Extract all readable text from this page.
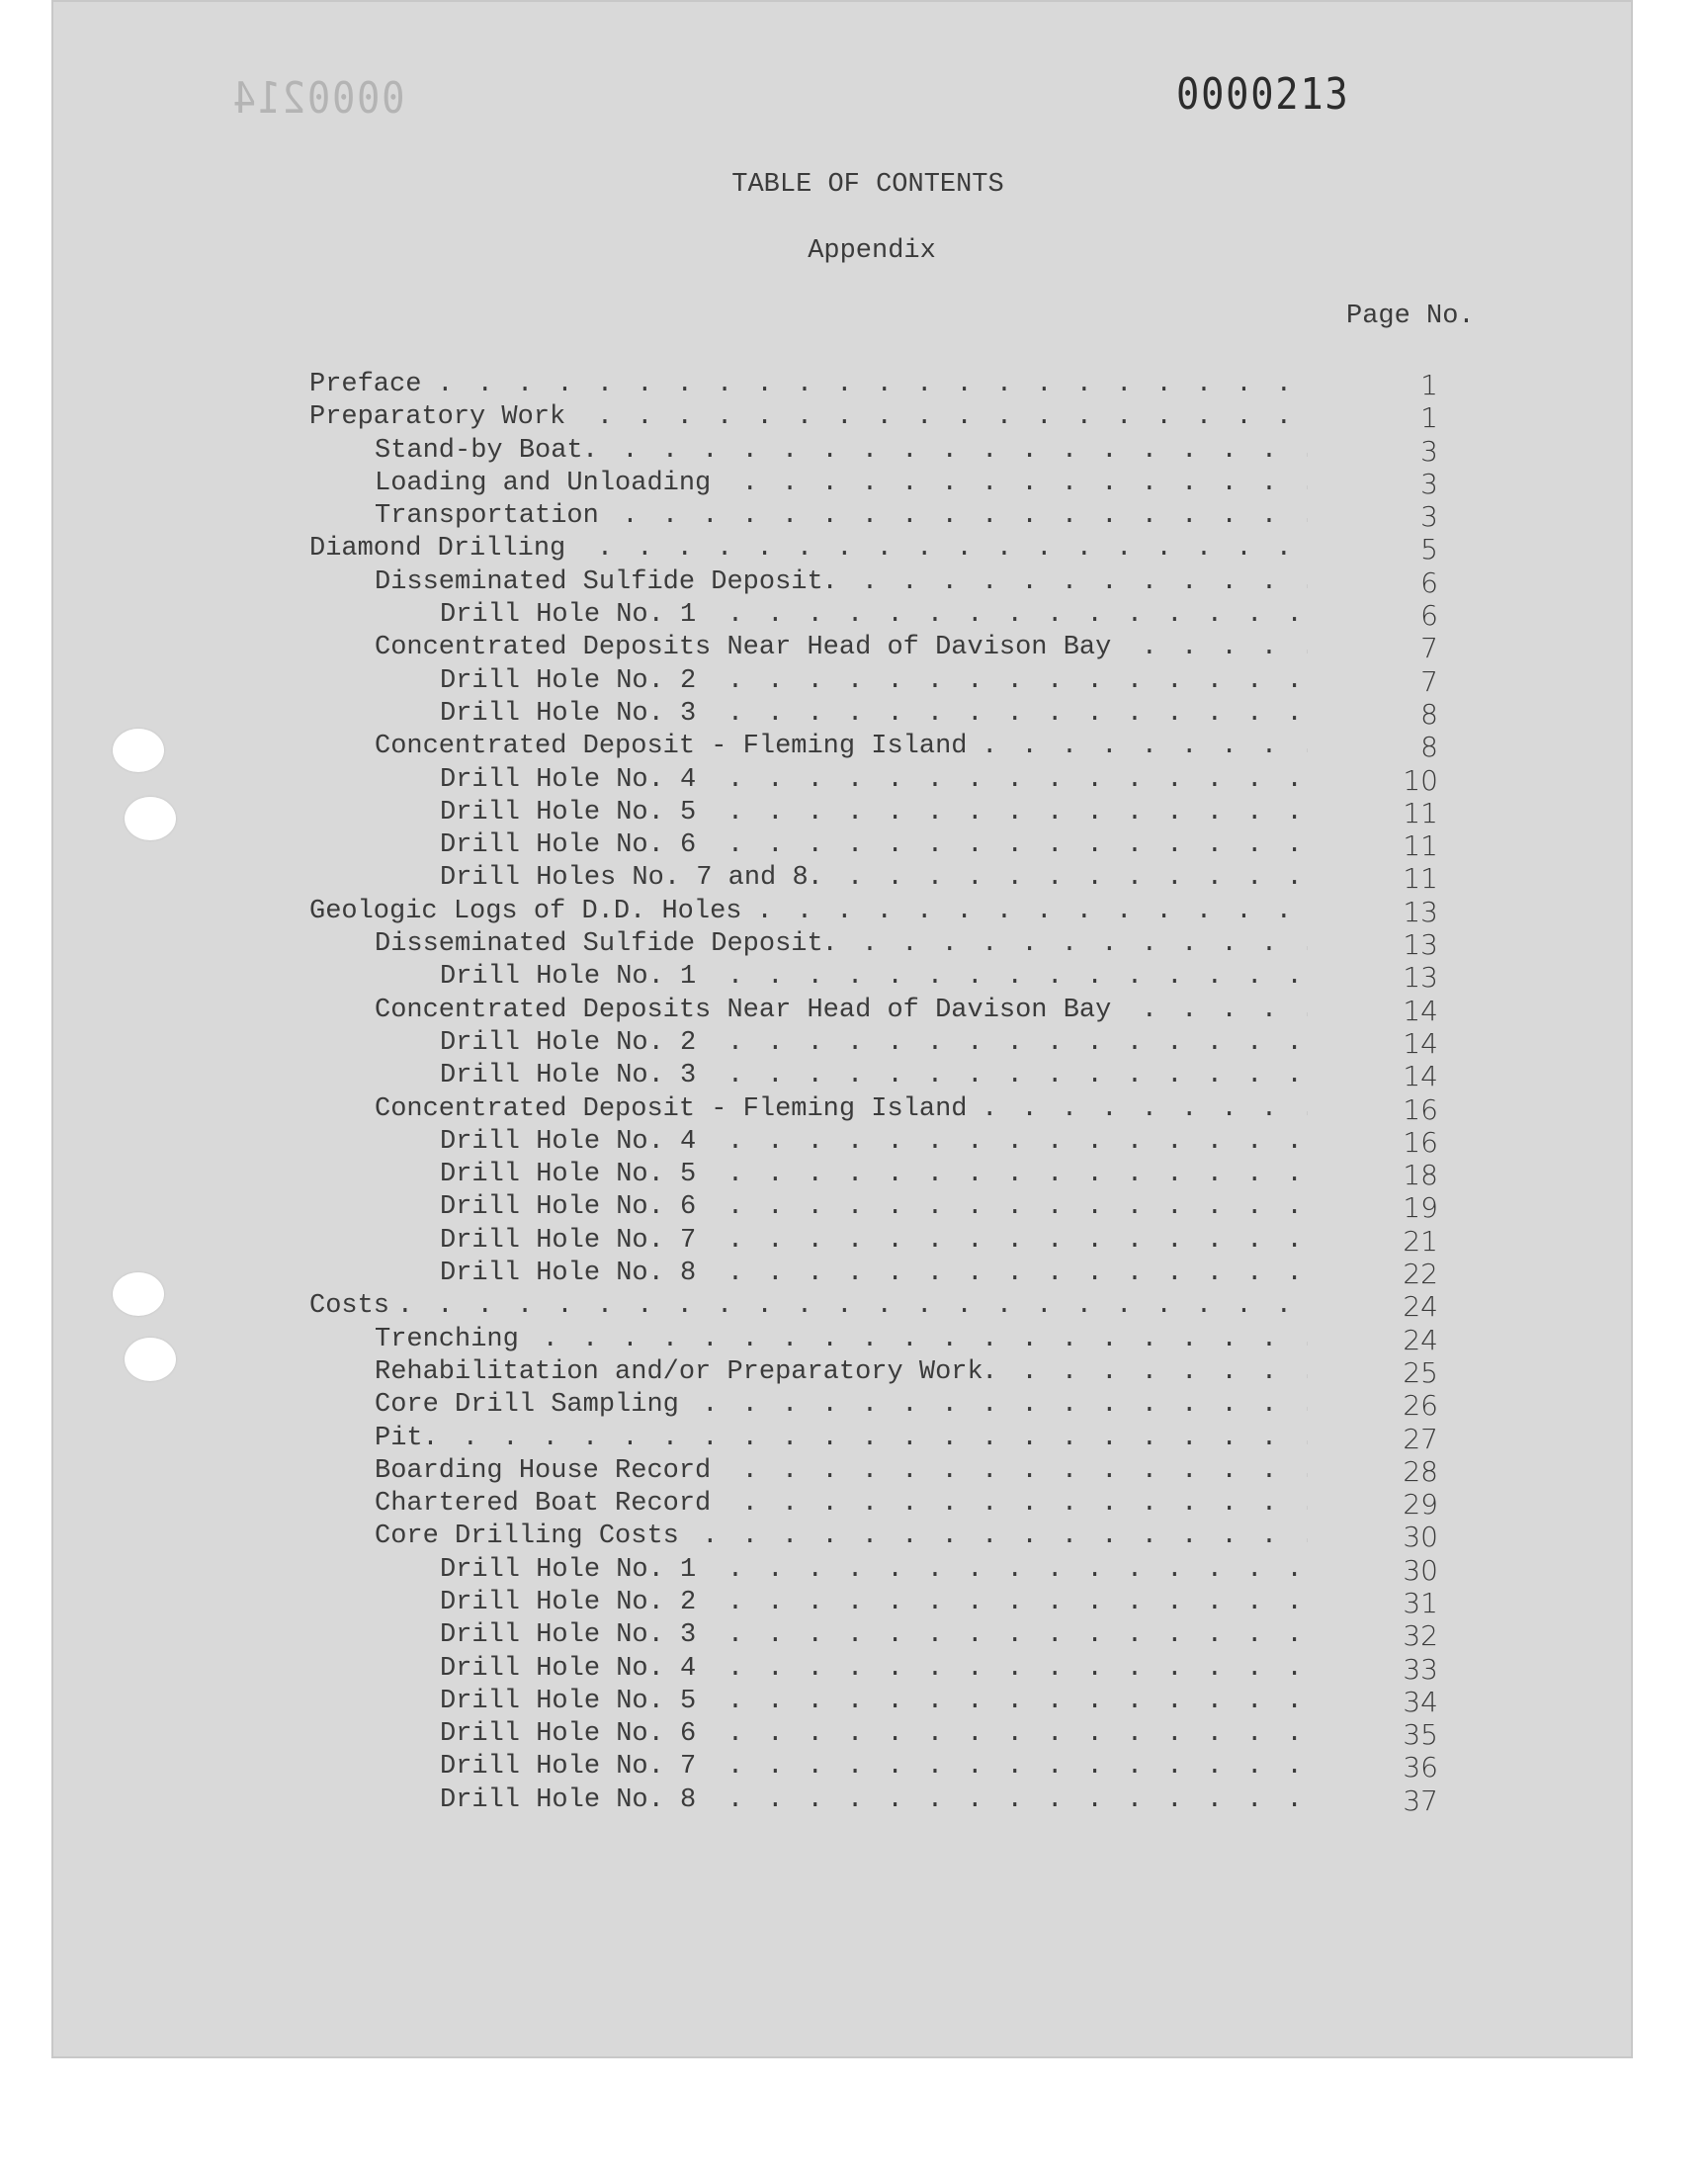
0000214	0000213
TABLE OF CONTENTS
Appendix
Page No.
. . .
Preface	1
. . .
Preparatory Work	1
. . .
Stand-by Boat	3
. . .
Loading and Unloading	3
. . .
Transportation	3
. . .
Diamond Drilling	5
. . .
Disseminated Sulfide Deposit	6
. . .
Drill Hole No. 1	6
. . .
Concentrated Deposits Near Head of Davison Bay	7
. . .
Drill Hole No. 2	7
. . .
Drill Hole No. 3	8
. . .
Concentrated Deposit - Fleming Island	8
. . .
Drill Hole No. 4	10
. . .
Drill Hole No. 5	11
. . .
Drill Hole No. 6	11
. . .
Drill Holes No. 7 and 8	11
. . .
Geologic Logs of D.D. Holes	13
. . .
Disseminated Sulfide Deposit	13
. . .
Drill Hole No. 1	13
. . .
Concentrated Deposits Near Head of Davison Bay	14
. . .
Drill Hole No. 2	14
. . .
Drill Hole No. 3	14
. . .
Concentrated Deposit - Fleming Island	16
. . .
Drill Hole No. 4	16
. . .
Drill Hole No. 5	18
. . .
Drill Hole No. 6	19
. . .
Drill Hole No. 7	21
. . .
Drill Hole No. 8	22
. . .
Costs	24
. . .
Trenching	24
. . .
Rehabilitation and/or Preparatory Work	25
. . .
Core Drill Sampling	26
. . .
Pit	27
. . .
Boarding House Record	28
. . .
Chartered Boat Record	29
. . .
Core Drilling Costs	30
. . .
Drill Hole No. 1	30
. . .
Drill Hole No. 2	31
. . .
Drill Hole No. 3	32
. . .
Drill Hole No. 4	33
. . .
Drill Hole No. 5	34
. . .
Drill Hole No. 6	35
. . .
Drill Hole No. 7	36
. . .
Drill Hole No. 8	37
